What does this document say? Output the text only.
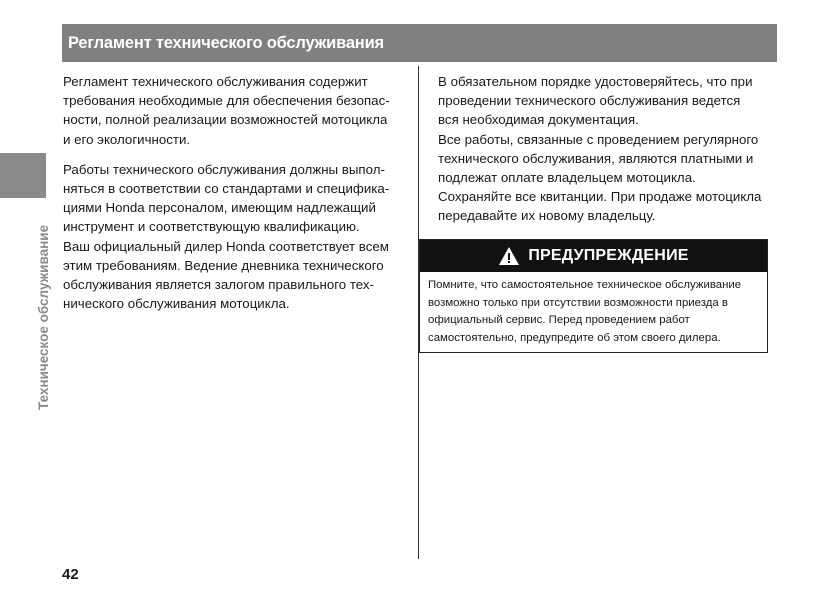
Регламент технического обслуживания
Техническое обслуживание
Регламент технического обслуживания содержит
требования необходимые для обеспечения безопас-
ности, полной реализации возможностей мотоцикла
и его экологичности.
Работы технического обслуживания должны выпол-
няться в соответствии со стандартами и специфика-
циями Honda персоналом, имеющим надлежащий
инструмент и соответствующую квалификацию.
Ваш официальный дилер Honda соответствует всем
этим требованиям. Ведение дневника технического
обслуживания является залогом правильного тех-
нического обслуживания мотоцикла.
В обязательном порядке удостоверяйтесь, что при
проведении технического обслуживания ведется
вся необходимая документация.
Все работы, связанные с проведением регулярного
технического обслуживания, являются платными и
подлежат оплате владельцем мотоцикла.
Сохраняйте все квитанции. При продаже мотоцикла
передавайте их новому владельцу.
ПРЕДУПРЕЖДЕНИЕ
Помните, что самостоятельное техническое обслуживание
возможно только при отсутствии возможности приезда в
официальный сервис. Перед проведением работ
самостоятельно, предупредите об этом своего дилера.
42
